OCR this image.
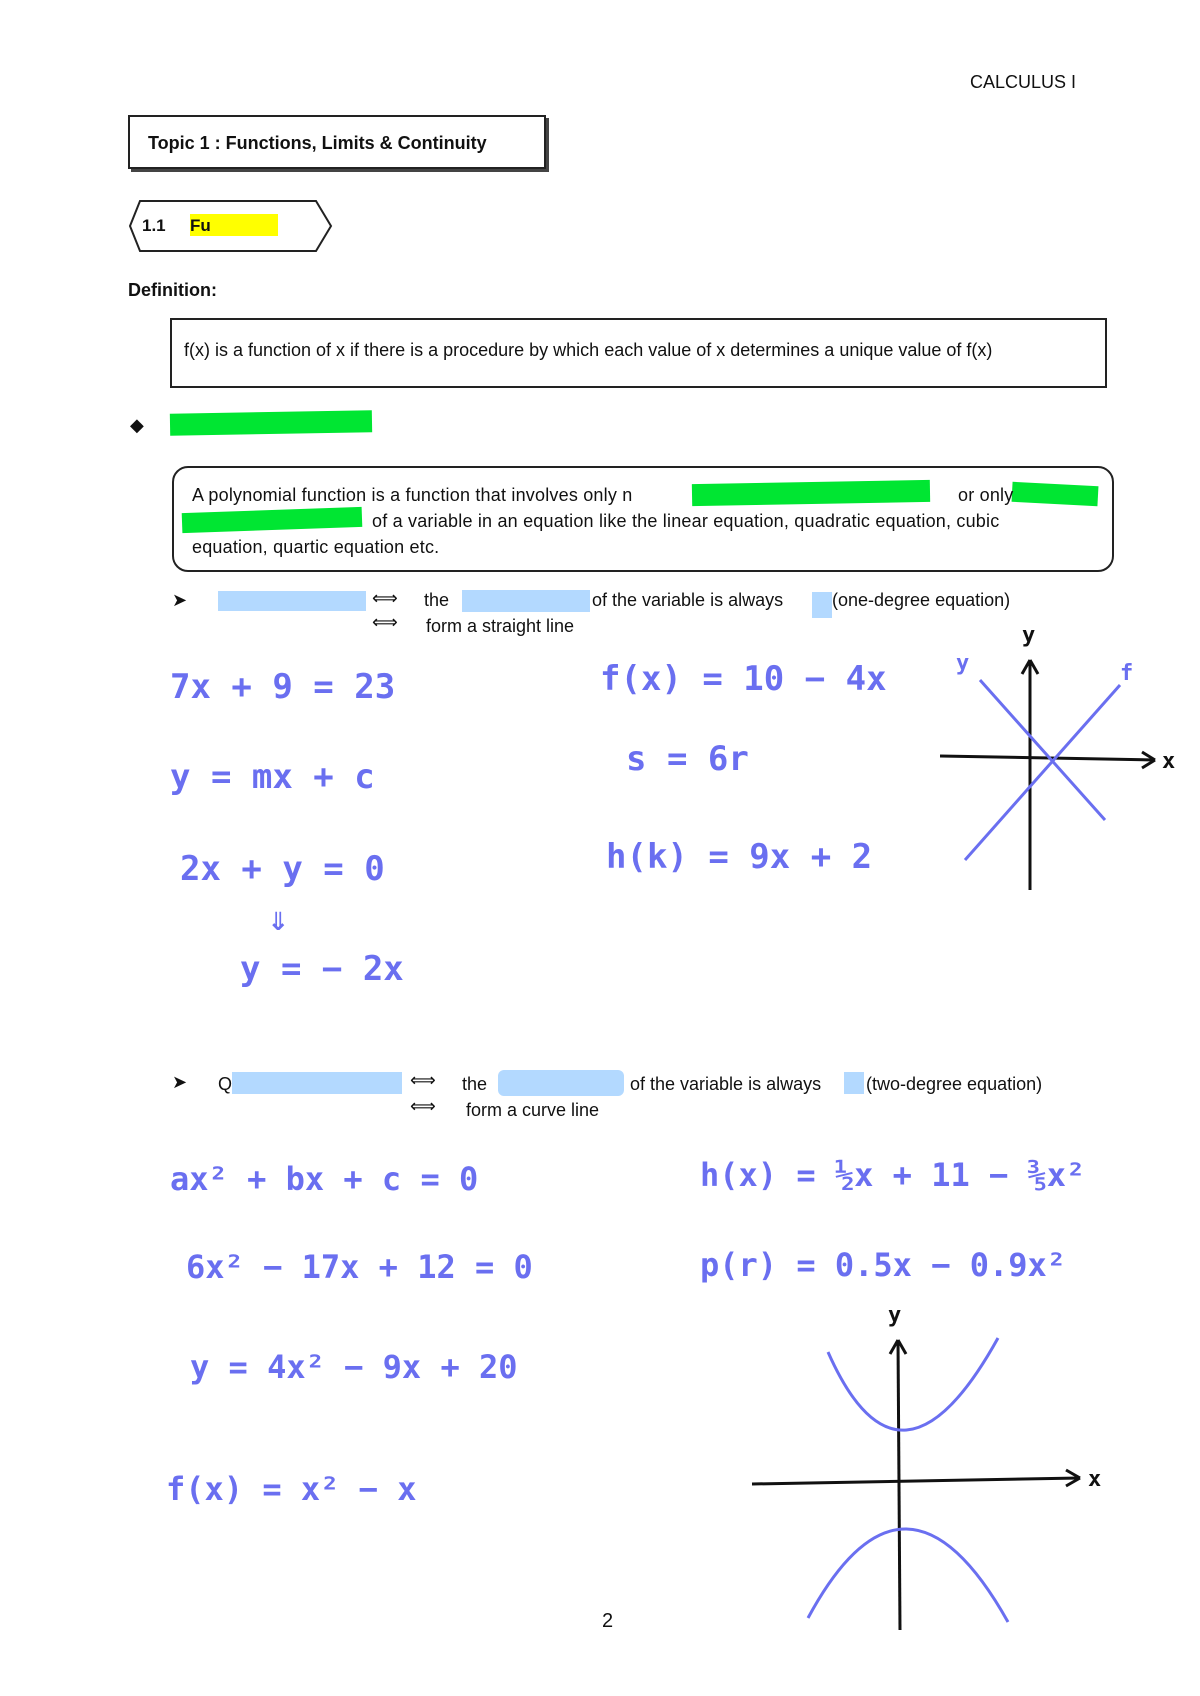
CALCULUS I
Topic 1 : Functions, Limits & Continuity
1.1 Fu
Definition:
f(x) is a function of x if there is a procedure by which each value of x determines a unique value of f(x)
◆
A polynomial function is a function that involves only n	or only
of a variable in an equation like the linear equation, quadratic equation, cubic
equation, quartic equation etc.
➤	⟺ the	of the variable is always	(one-degree equation)
⟺ form a straight line
7x + 9 = 23
y = mx + c
2x + y = 0
⇓
y = − 2x
f(x) = 10 − 4x
s = 6r
h(k) = 9x + 2
y
x
y	f
➤ Q	⟺ the	of the variable is always (two-degree equation)
⟺ form a curve line
ax² + bx + c = 0
6x² − 17x + 12 = 0
y = 4x² − 9x + 20
f(x) = x² − x
h(x) = ½x + 11 − ⅗x²
p(r) = 0.5x − 0.9x²
y
x
2
